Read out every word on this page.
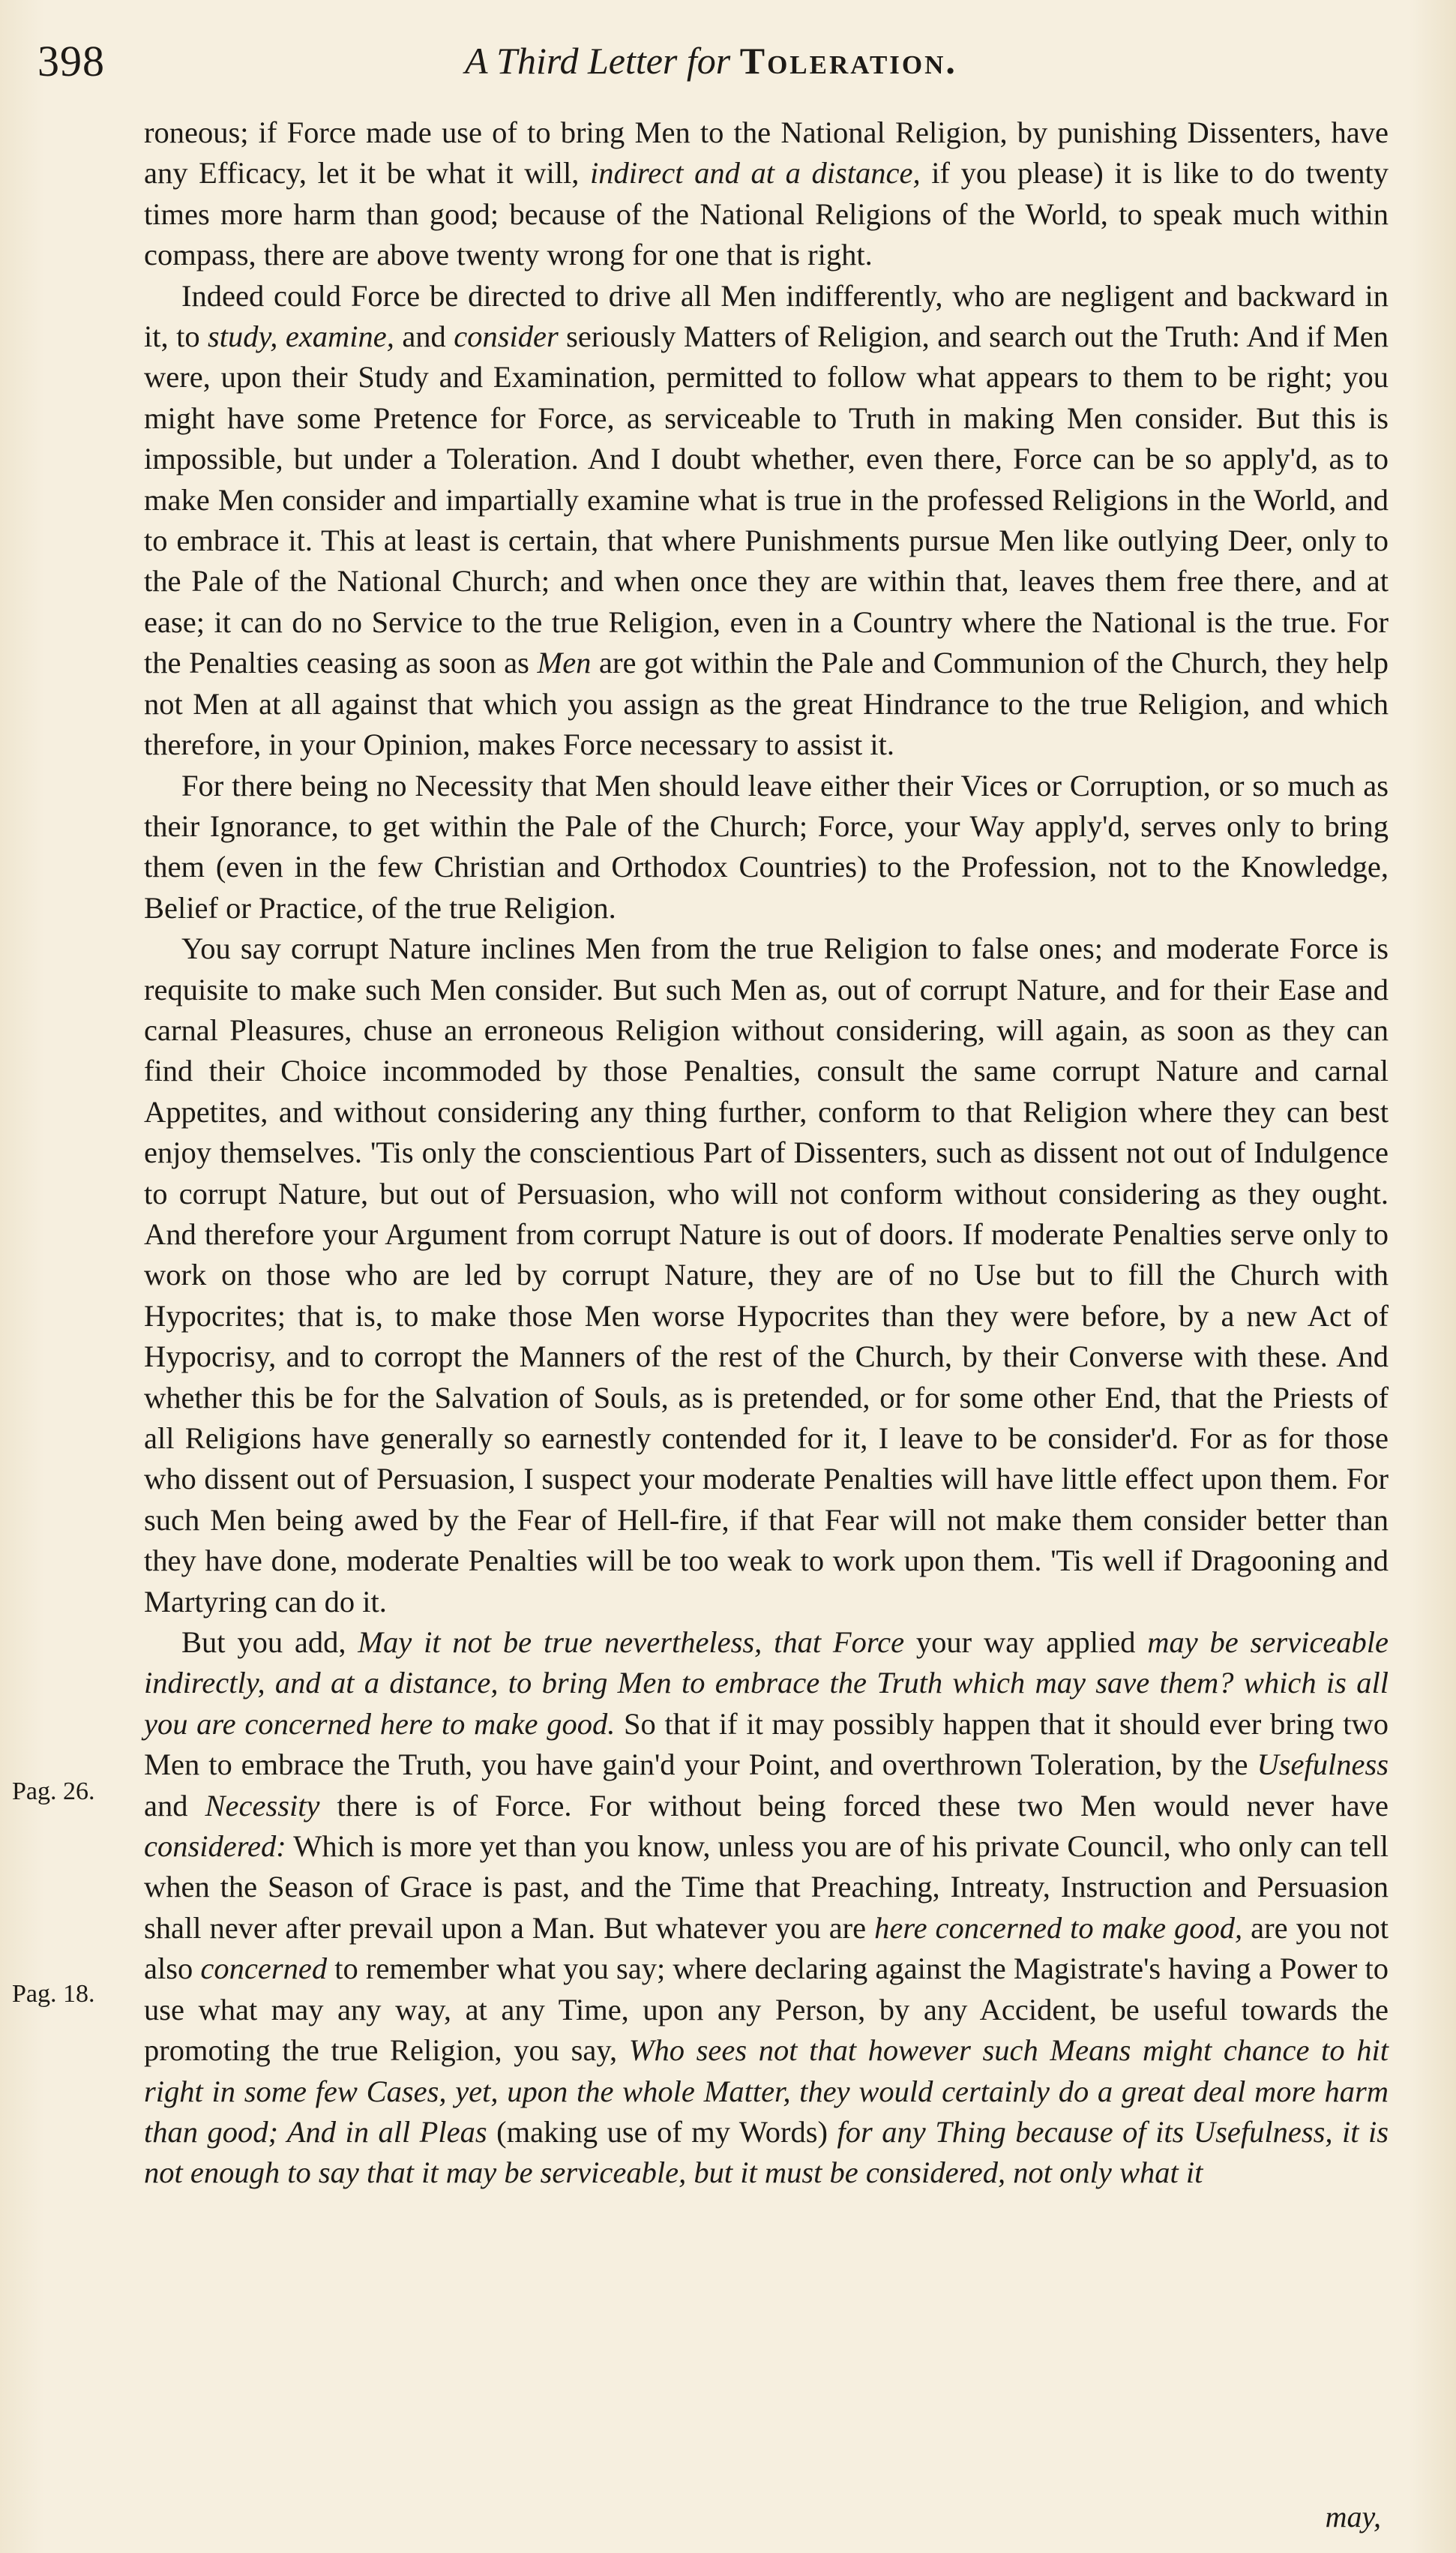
398	A Third Letter for Toleration.

roneous; if Force made use of to bring Men to the National Religion, by punishing Dissenters, have any Efficacy, let it be what it will, indirect and at a distance, if you please) it is like to do twenty times more harm than good; because of the National Religions of the World, to speak much within compass, there are above twenty wrong for one that is right.

Indeed could Force be directed to drive all Men indifferently, who are negligent and backward in it, to study, examine, and consider seriously Matters of Religion, and search out the Truth: And if Men were, upon their Study and Examination, permitted to follow what appears to them to be right; you might have some Pretence for Force, as serviceable to Truth in making Men consider. But this is impossible, but under a Toleration. And I doubt whether, even there, Force can be so apply'd, as to make Men consider and impartially examine what is true in the professed Religions in the World, and to embrace it. This at least is certain, that where Punishments pursue Men like outlying Deer, only to the Pale of the National Church; and when once they are within that, leaves them free there, and at ease; it can do no Service to the true Religion, even in a Country where the National is the true. For the Penalties ceasing as soon as Men are got within the Pale and Communion of the Church, they help not Men at all against that which you assign as the great Hindrance to the true Religion, and which therefore, in your Opinion, makes Force necessary to assist it.

For there being no Necessity that Men should leave either their Vices or Corruption, or so much as their Ignorance, to get within the Pale of the Church; Force, your Way apply'd, serves only to bring them (even in the few Christian and Orthodox Countries) to the Profession, not to the Knowledge, Belief or Practice, of the true Religion.

You say corrupt Nature inclines Men from the true Religion to false ones; and moderate Force is requisite to make such Men consider. But such Men as, out of corrupt Nature, and for their Ease and carnal Pleasures, chuse an erroneous Religion without considering, will again, as soon as they can find their Choice incommoded by those Penalties, consult the same corrupt Nature and carnal Appetites, and without considering any thing further, conform to that Religion where they can best enjoy themselves. 'Tis only the conscientious Part of Dissenters, such as dissent not out of Indulgence to corrupt Nature, but out of Persuasion, who will not conform without considering as they ought. And therefore your Argument from corrupt Nature is out of doors. If moderate Penalties serve only to work on those who are led by corrupt Nature, they are of no Use but to fill the Church with Hypocrites; that is, to make those Men worse Hypocrites than they were before, by a new Act of Hypocrisy, and to corropt the Manners of the rest of the Church, by their Converse with these. And whether this be for the Salvation of Souls, as is pretended, or for some other End, that the Priests of all Religions have generally so earnestly contended for it, I leave to be consider'd. For as for those who dissent out of Persuasion, I suspect your moderate Penalties will have little effect upon them. For such Men being awed by the Fear of Hell-fire, if that Fear will not make them consider better than they have done, moderate Penalties will be too weak to work upon them. 'Tis well if Dragooning and Martyring can do it.

But you add, May it not be true nevertheless, that Force your way applied may be serviceable indirectly, and at a distance, to bring Men to embrace the Truth which may save them? which is all you are concerned here to make good. So that if it may possibly happen that it should ever bring two Men to embrace the Truth, you have gain'd your Point, and overthrown Toleration, by the Usefulness and Necessity there is of Force. For without being forced these two Men would never have considered: Which is more yet than you know, unless you are of his private Council, who only can tell when the Season of Grace is past, and the Time that Preaching, Intreaty, Instruction and Persuasion shall never after prevail upon a Man. But whatever you are here concerned to make good, are you not also concerned to remember what you say; where declaring against the Magistrate's having a Power to use what may any way, at any Time, upon any Person, by any Accident, be useful towards the promoting the true Religion, you say, Who sees not that however such Means might chance to hit right in some few Cases, yet, upon the whole Matter, they would certainly do a great deal more harm than good; And in all Pleas (making use of my Words) for any Thing because of its Usefulness, it is not enough to say that it may be serviceable, but it must be considered, not only what it

Pag. 26.
Pag. 18.
may,
